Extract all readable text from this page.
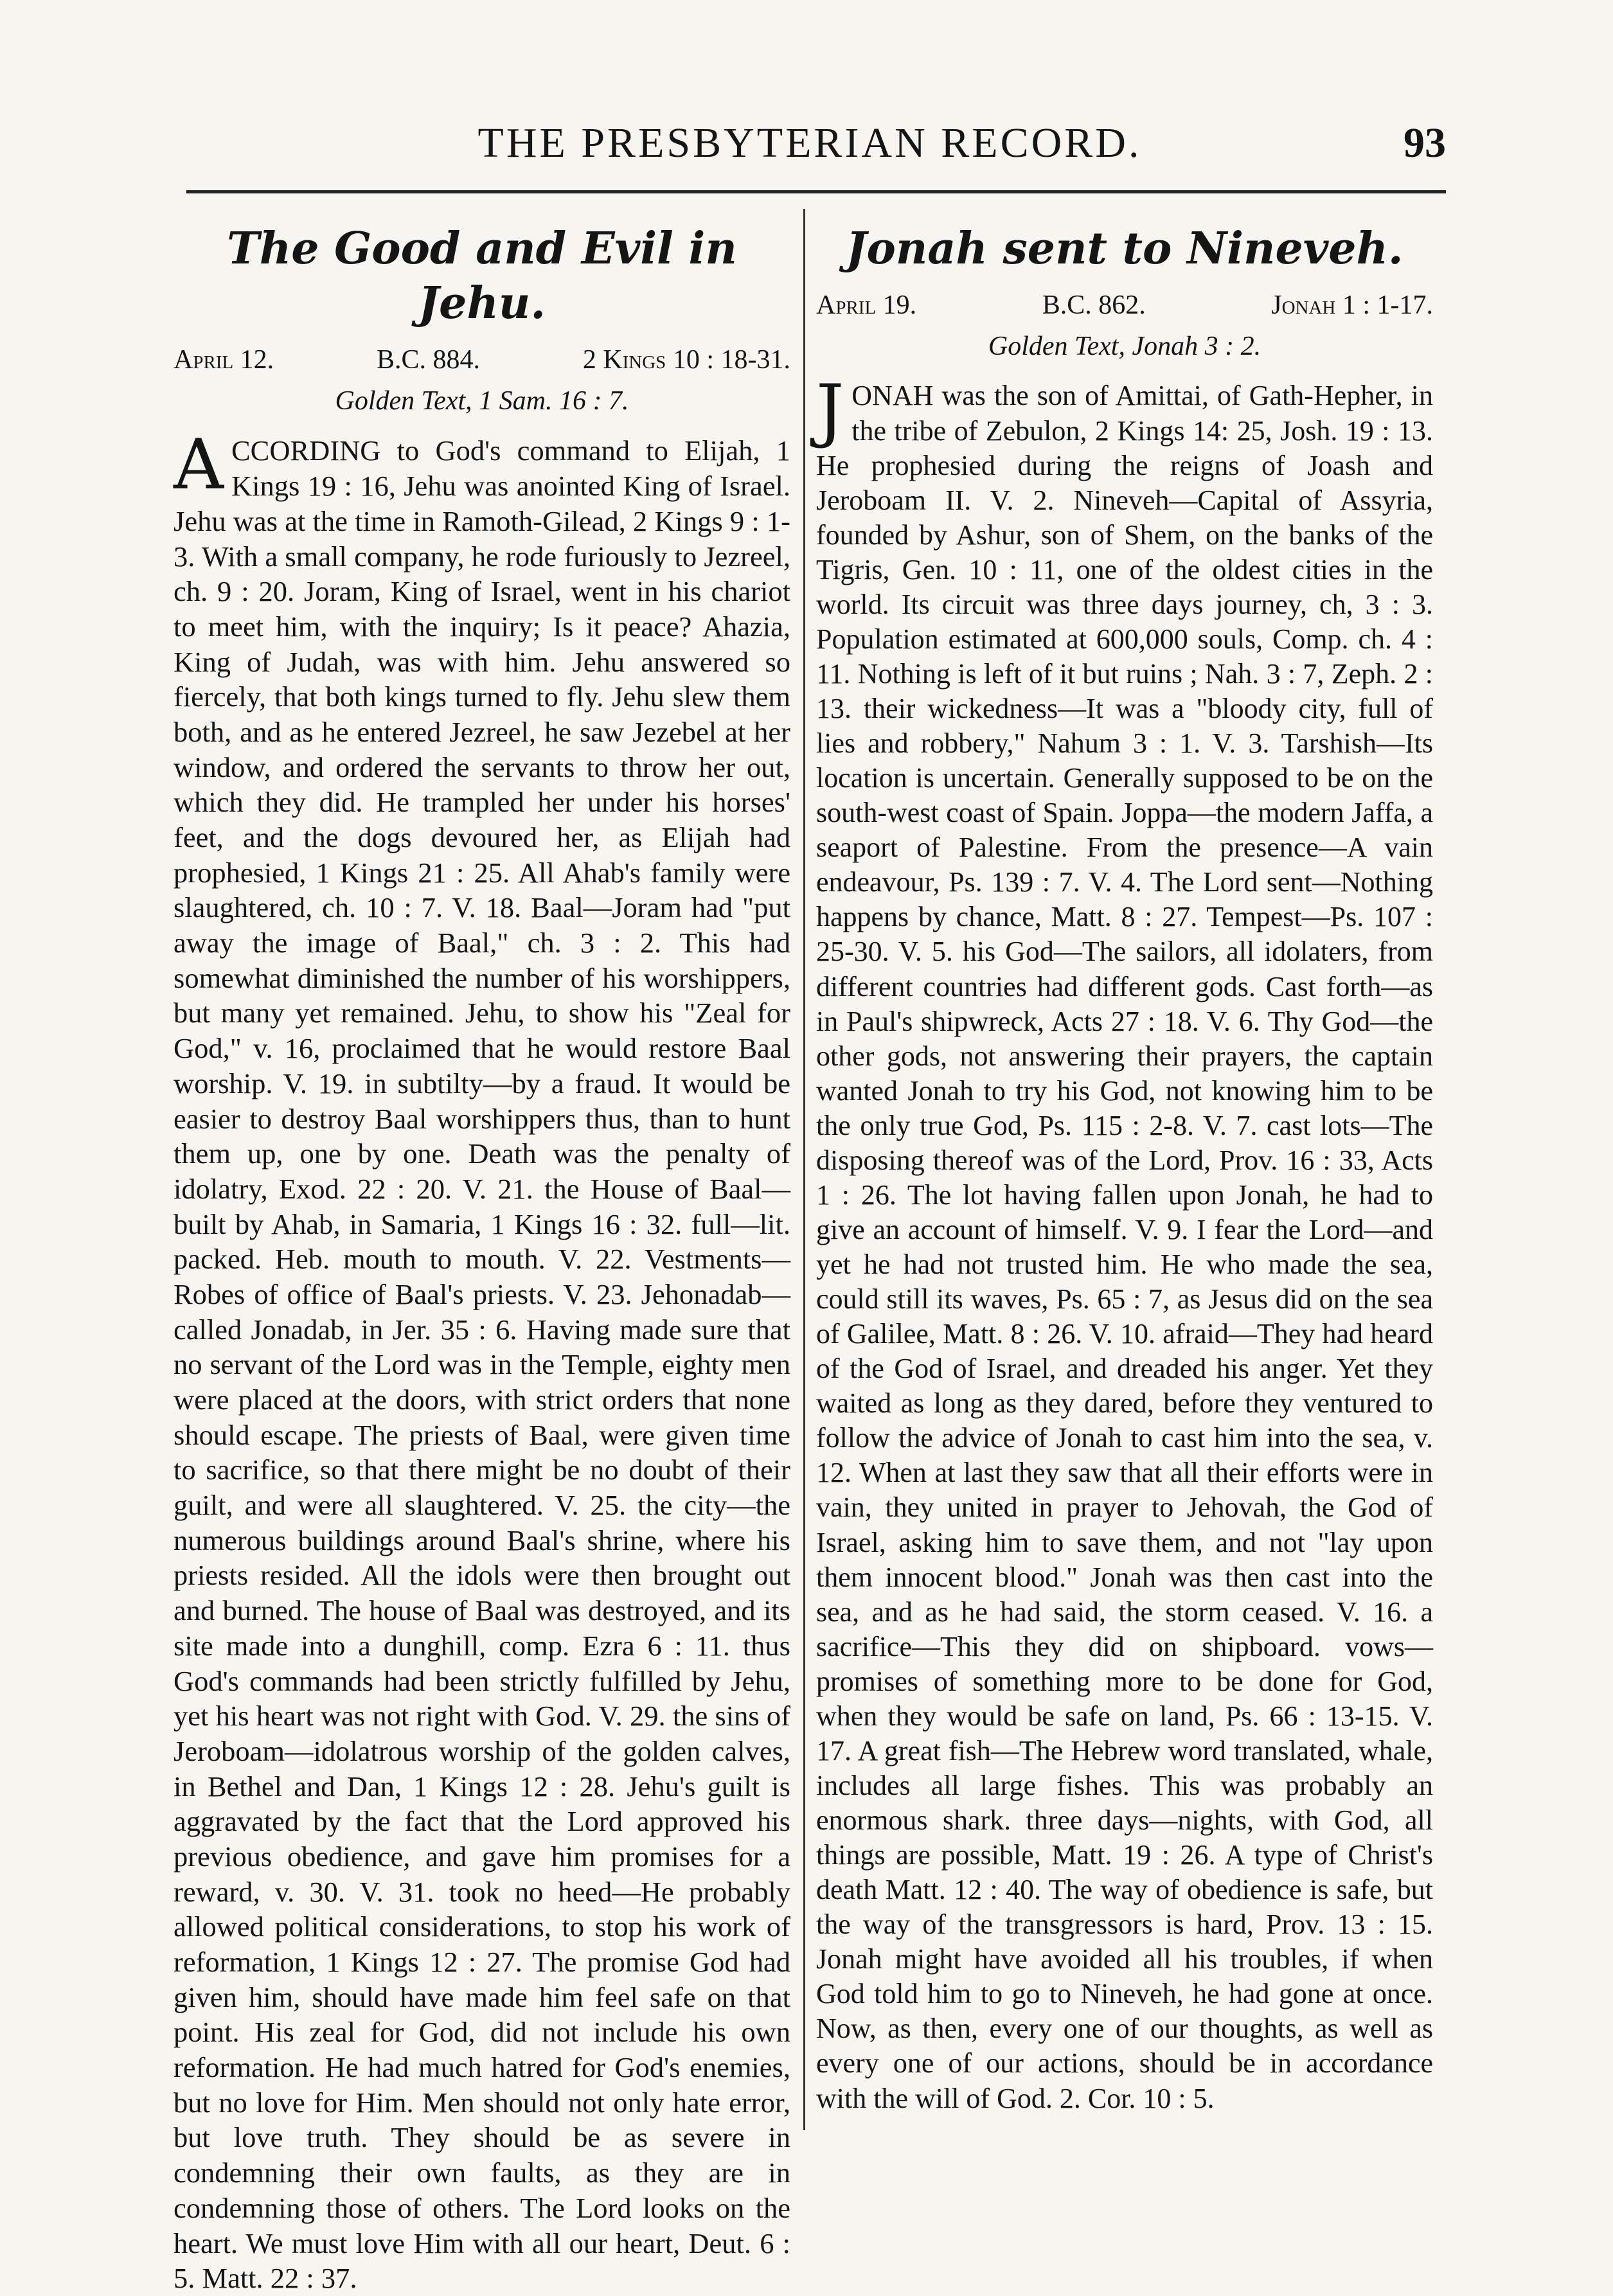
THE PRESBYTERIAN RECORD.	93
The Good and Evil in Jehu.
April 12.	B.C. 884.	2 Kings 10 : 18-31.
Golden Text, 1 Sam. 16 : 7.

ACCORDING to God's command to Elijah, 1 Kings 19 : 16, Jehu was anointed King of Israel. Jehu was at the time in Ramoth-Gilead, 2 Kings 9 : 1-3. With a small company, he rode furiously to Jezreel, ch. 9 : 20. Joram, King of Israel, went in his chariot to meet him, with the inquiry; Is it peace? Ahazia, King of Judah, was with him. Jehu answered so fiercely, that both kings turned to fly. Jehu slew them both, and as he entered Jezreel, he saw Jezebel at her window, and ordered the servants to throw her out, which they did. He trampled her under his horses' feet, and the dogs devoured her, as Elijah had prophesied, 1 Kings 21 : 25. All Ahab's family were slaughtered, ch. 10 : 7. V. 18. Baal—Joram had "put away the image of Baal," ch. 3 : 2. This had somewhat diminished the number of his worshippers, but many yet remained. Jehu, to show his "Zeal for God," v. 16, proclaimed that he would restore Baal worship. V. 19. in subtilty—by a fraud. It would be easier to destroy Baal worshippers thus, than to hunt them up, one by one. Death was the penalty of idolatry, Exod. 22 : 20. V. 21. the House of Baal—built by Ahab, in Samaria, 1 Kings 16 : 32. full—lit. packed. Heb. mouth to mouth. V. 22. Vestments—Robes of office of Baal's priests. V. 23. Jehonadab—called Jonadab, in Jer. 35 : 6. Having made sure that no servant of the Lord was in the Temple, eighty men were placed at the doors, with strict orders that none should escape. The priests of Baal, were given time to sacrifice, so that there might be no doubt of their guilt, and were all slaughtered. V. 25. the city—the numerous buildings around Baal's shrine, where his priests resided. All the idols were then brought out and burned. The house of Baal was destroyed, and its site made into a dunghill, comp. Ezra 6 : 11. thus God's commands had been strictly fulfilled by Jehu, yet his heart was not right with God. V. 29. the sins of Jeroboam—idolatrous worship of the golden calves, in Bethel and Dan, 1 Kings 12 : 28. Jehu's guilt is aggravated by the fact that the Lord approved his previous obedience, and gave him promises for a reward, v. 30. V. 31. took no heed—He probably allowed political considerations, to stop his work of reformation, 1 Kings 12 : 27. The promise God had given him, should have made him feel safe on that point. His zeal for God, did not include his own reformation. He had much hatred for God's enemies, but no love for Him. Men should not only hate error, but love truth. They should be as severe in condemning their own faults, as they are in condemning those of others. The Lord looks on the heart. We must love Him with all our heart, Deut. 6 : 5. Matt. 22 : 37.

Jonah sent to Nineveh.
April 19.	B.C. 862.	Jonah 1 : 1-17.
Golden Text, Jonah 3 : 2.

JONAH was the son of Amittai, of Gath-Hepher, in the tribe of Zebulon, 2 Kings 14: 25, Josh. 19 : 13. He prophesied during the reigns of Joash and Jeroboam II. V. 2. Nineveh—Capital of Assyria, founded by Ashur, son of Shem, on the banks of the Tigris, Gen. 10 : 11, one of the oldest cities in the world. Its circuit was three days journey, ch, 3 : 3. Population estimated at 600,000 souls, Comp. ch. 4 : 11. Nothing is left of it but ruins ; Nah. 3 : 7, Zeph. 2 : 13. their wickedness—It was a "bloody city, full of lies and robbery," Nahum 3 : 1. V. 3. Tarshish—Its location is uncertain. Generally supposed to be on the south-west coast of Spain. Joppa—the modern Jaffa, a seaport of Palestine. From the presence—A vain endeavour, Ps. 139 : 7. V. 4. The Lord sent—Nothing happens by chance, Matt. 8 : 27. Tempest—Ps. 107 : 25-30. V. 5. his God—The sailors, all idolaters, from different countries had different gods. Cast forth—as in Paul's shipwreck, Acts 27 : 18. V. 6. Thy God—the other gods, not answering their prayers, the captain wanted Jonah to try his God, not knowing him to be the only true God, Ps. 115 : 2-8. V. 7. cast lots—The disposing thereof was of the Lord, Prov. 16 : 33, Acts 1 : 26. The lot having fallen upon Jonah, he had to give an account of himself. V. 9. I fear the Lord—and yet he had not trusted him. He who made the sea, could still its waves, Ps. 65 : 7, as Jesus did on the sea of Galilee, Matt. 8 : 26. V. 10. afraid—They had heard of the God of Israel, and dreaded his anger. Yet they waited as long as they dared, before they ventured to follow the advice of Jonah to cast him into the sea, v. 12. When at last they saw that all their efforts were in vain, they united in prayer to Jehovah, the God of Israel, asking him to save them, and not "lay upon them innocent blood." Jonah was then cast into the sea, and as he had said, the storm ceased. V. 16. a sacrifice—This they did on shipboard. vows—promises of something more to be done for God, when they would be safe on land, Ps. 66 : 13-15. V. 17. A great fish—The Hebrew word translated, whale, includes all large fishes. This was probably an enormous shark. three days—nights, with God, all things are possible, Matt. 19 : 26. A type of Christ's death Matt. 12 : 40. The way of obedience is safe, but the way of the transgressors is hard, Prov. 13 : 15. Jonah might have avoided all his troubles, if when God told him to go to Nineveh, he had gone at once. Now, as then, every one of our thoughts, as well as every one of our actions, should be in accordance with the will of God. 2. Cor. 10 : 5.
